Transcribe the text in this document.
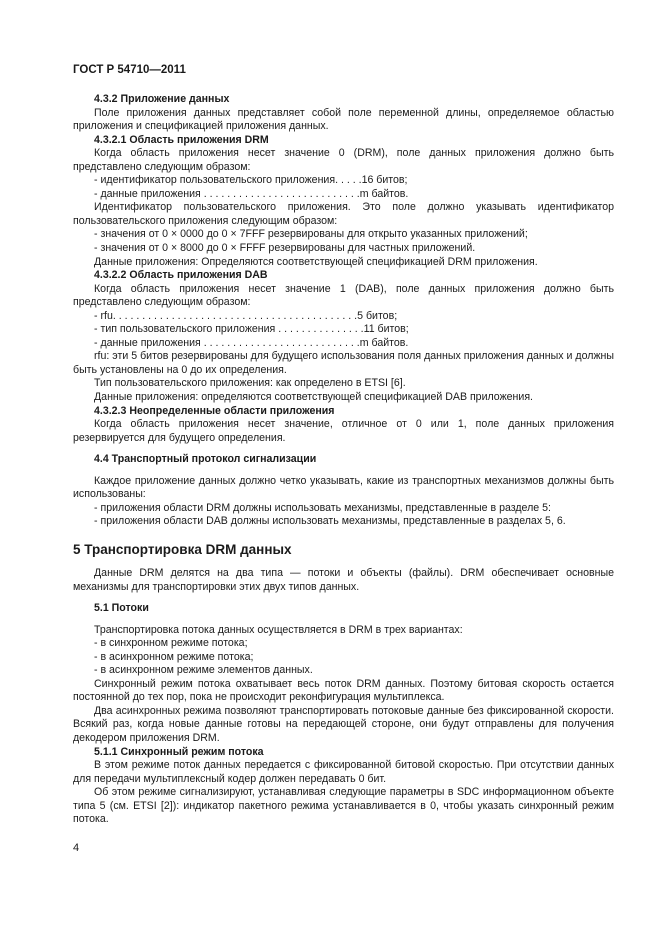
ГОСТ Р 54710—2011

4.3.2 Приложение данных

Поле приложения данных представляет собой поле переменной длины, определяемое областью приложения и спецификацией приложения данных.

4.3.2.1 Область приложения DRM

Когда область приложения несет значение 0 (DRM), поле данных приложения должно быть представлено следующим образом:

- идентификатор пользовательского приложения. . . . .16 битов;

- данные приложения . . . . . . . . . . . . . . . . . . . . . . . . . . .m байтов.

Идентификатор пользовательского приложения. Это поле должно указывать идентификатор пользовательского приложения следующим образом:

- значения от 0 × 0000 до 0 × 7FFF резервированы для открыто указанных приложений;

- значения от 0 × 8000 до 0 × FFFF резервированы для частных приложений.

Данные приложения: Определяются соответствующей спецификацией DRM приложения.

4.3.2.2 Область приложения DAB

Когда область приложения несет значение 1 (DAB), поле данных приложения должно быть представлено следующим образом:

- rfu. . . . . . . . . . . . . . . . . . . . . . . . . . . . . . . . . . . . . . . . . .5 битов;

- тип пользовательского приложения . . . . . . . . . . . . . . .11 битов;

- данные приложения . . . . . . . . . . . . . . . . . . . . . . . . . . .m байтов.

rfu: эти 5 битов резервированы для будущего использования поля данных приложения данных и должны быть установлены на 0 до их определения.

Тип пользовательского приложения: как определено в ETSI [6].

Данные приложения: определяются соответствующей спецификацией DAB приложения.

4.3.2.3 Неопределенные области приложения

Когда область приложения несет значение, отличное от 0 или 1, поле данных приложения резервируется для будущего определения.

4.4 Транспортный протокол сигнализации

Каждое приложение данных должно четко указывать, какие из транспортных механизмов должны быть использованы:

- приложения области DRM должны использовать механизмы, представленные в разделе 5:

- приложения области DAB должны использовать механизмы, представленные в разделах 5, 6.

5 Транспортировка DRM данных

Данные DRM делятся на два типа — потоки и объекты (файлы). DRM обеспечивает основные механизмы для транспортировки этих двух типов данных.

5.1 Потоки

Транспортировка потока данных осуществляется в DRM в трех вариантах:

- в синхронном режиме потока;

- в асинхронном режиме потока;

- в асинхронном режиме элементов данных.

Синхронный режим потока охватывает весь поток DRM данных. Поэтому битовая скорость остается постоянной до тех пор, пока не происходит реконфигурация мультиплекса.

Два асинхронных режима позволяют транспортировать потоковые данные без фиксированной скорости. Всякий раз, когда новые данные готовы на передающей стороне, они будут отправлены для получения декодером приложения DRM.

5.1.1 Синхронный режим потока

В этом режиме поток данных передается с фиксированной битовой скоростью. При отсутствии данных для передачи мультиплексный кодер должен передавать 0 бит.

Об этом режиме сигнализируют, устанавливая следующие параметры в SDC информационном объекте типа 5 (см. ETSI [2]): индикатор пакетного режима устанавливается в 0, чтобы указать синхронный режим потока.

4
